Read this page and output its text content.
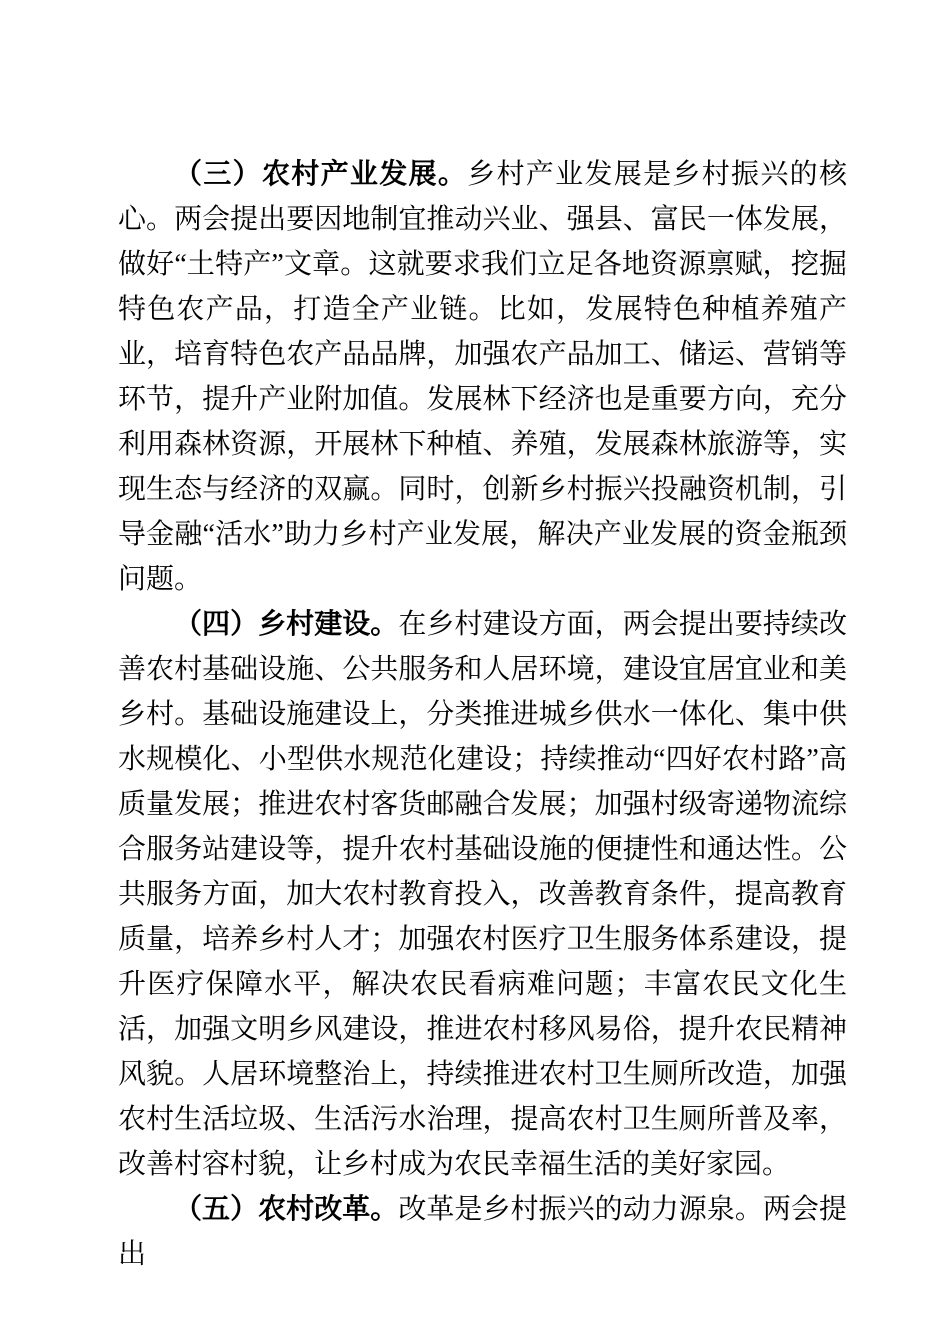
（三）农村产业发展。乡村产业发展是乡村振兴的核心。两会提出要因地制宜推动兴业、强县、富民一体发展，做好“土特产”文章。这就要求我们立足各地资源禀赋，挖掘特色农产品，打造全产业链。比如，发展特色种植养殖产业，培育特色农产品品牌，加强农产品加工、储运、营销等环节，提升产业附加值。发展林下经济也是重要方向，充分利用森林资源，开展林下种植、养殖，发展森林旅游等，实现生态与经济的双赢。同时，创新乡村振兴投融资机制，引导金融“活水”助力乡村产业发展，解决产业发展的资金瓶颈问题。

（四）乡村建设。在乡村建设方面，两会提出要持续改善农村基础设施、公共服务和人居环境，建设宜居宜业和美乡村。基础设施建设上，分类推进城乡供水一体化、集中供水规模化、小型供水规范化建设；持续推动“四好农村路”高质量发展；推进农村客货邮融合发展；加强村级寄递物流综合服务站建设等，提升农村基础设施的便捷性和通达性。公共服务方面，加大农村教育投入，改善教育条件，提高教育质量，培养乡村人才；加强农村医疗卫生服务体系建设，提升医疗保障水平，解决农民看病难问题；丰富农民文化生活，加强文明乡风建设，推进农村移风易俗，提升农民精神风貌。人居环境整治上，持续推进农村卫生厕所改造，加强农村生活垃圾、生活污水治理，提高农村卫生厕所普及率，改善村容村貌，让乡村成为农民幸福生活的美好家园。

（五）农村改革。改革是乡村振兴的动力源泉。两会提出
